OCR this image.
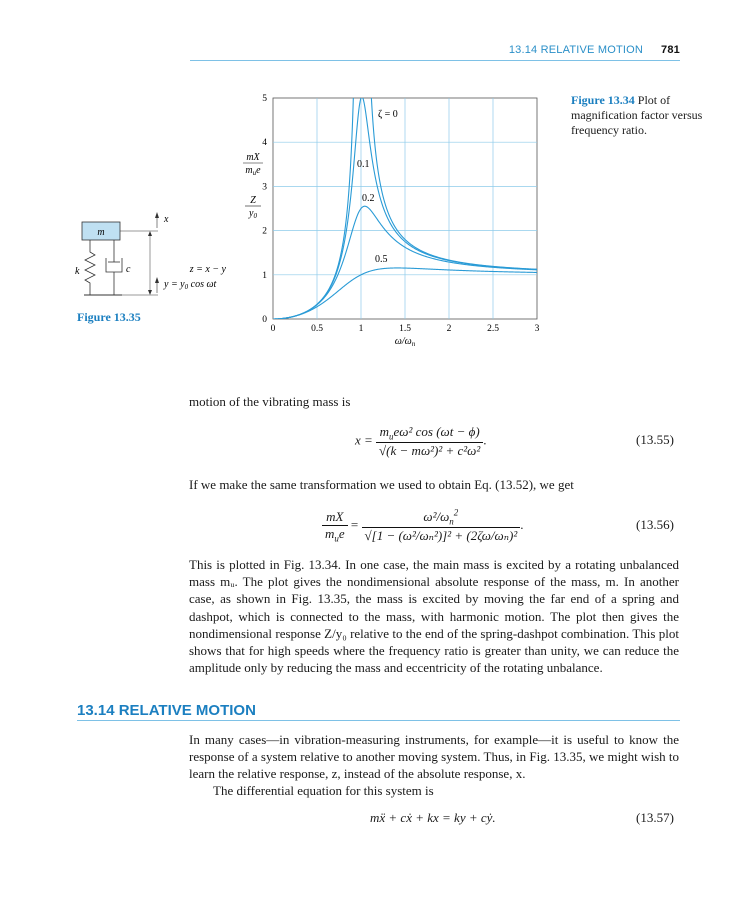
13.14 RELATIVE MOTION 781
m
k	c
x
z = x − y
$y = y_0$ cos ωt
Figure 13.35
0	0.5	1	1.5	2	2.5	3
0
1
2
3
4
5
mX
$m_ue$
Z
$y_0$
$\omega/\omega_n$
ζ = 0
0.1
0.2
0.5
Figure 13.34 Plot of magnification factor versus frequency ratio.
motion of the vibrating mass is
$x = \frac{m_ue\omega^2 \cos (\omega t - \phi)}{\text{√(k − mω²)² + c²ω²}}$ .	(13.55)
If we make the same transformation we used to obtain Eq. (13.52), we get
$\frac{mX}{m_ue} = \frac{\omega^2/\omega_n^2}{\text{√[1 − (ω²/ωₙ²)]² + (2ζω/ωₙ)²}}$ .	(13.56)
This is plotted in Fig. 13.34. In one case, the main mass is excited by a rotating unbalanced mass mᵤ. The plot gives the nondimensional absolute response of the mass, m. In another case, as shown in Fig. 13.35, the mass is excited by moving the far end of a spring and dashpot, which is connected to the mass, with harmonic motion. The plot then gives the nondimensional response Z/y₀ relative to the end of the spring-dashpot combination. This plot shows that for high speeds where the frequency ratio is greater than unity, we can reduce the amplitude only by reducing the mass and eccentricity of the rotating unbalance.
13.14 RELATIVE MOTION
In many cases—in vibration-measuring instruments, for example—it is useful to know the response of a system relative to another moving system. Thus, in Fig. 13.35, we might wish to learn the relative response, z, instead of the absolute response, x.
The differential equation for this system is
mẍ + cẋ + kx = ky + cẏ.	(13.57)
